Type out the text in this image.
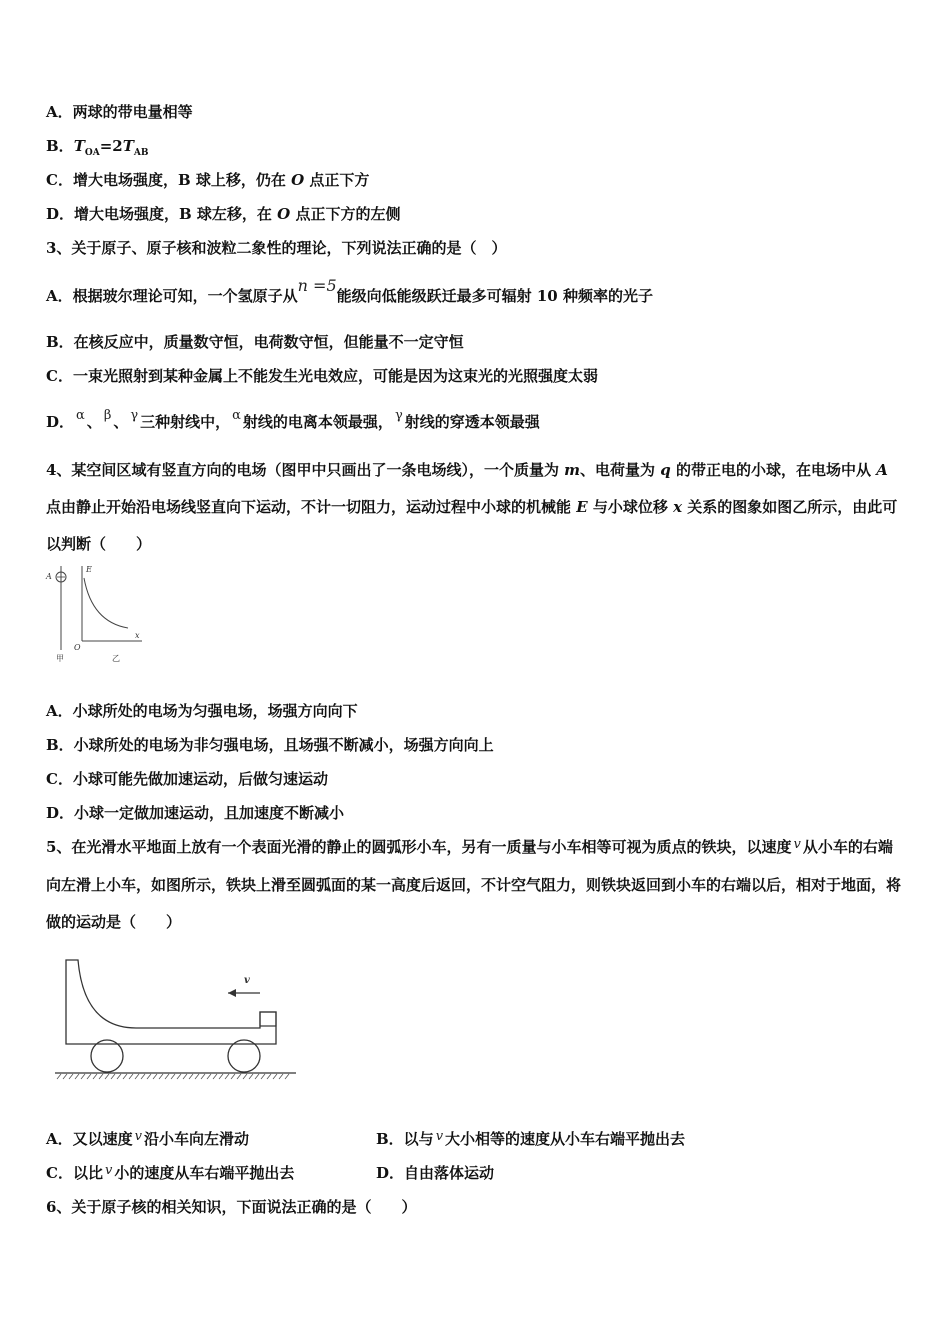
A．两球的带电量相等
B．$T_{OA}=2T_{AB}$
C．增大电场强度，B 球上移，仍在 O 点正下方
D．增大电场强度，B 球左移，在 O 点正下方的左侧
3、关于原子、原子核和波粒二象性的理论，下列说法正确的是（　）
A．根据玻尔理论可知，一个氢原子从n =5能级向低能级跃迁最多可辐射 10 种频率的光子
B．在核反应中，质量数守恒，电荷数守恒，但能量不一定守恒
C．一束光照射到某种金属上不能发生光电效应，可能是因为这束光的光照强度太弱
D． α 、 β 、 γ 三种射线中， α 射线的电离本领最强， γ 射线的穿透本领最强
4、某空间区域有竖直方向的电场（图甲中只画出了一条电场线），一个质量为 m、电荷量为 q 的带正电的小球，在电场中从 A 点由静止开始沿电场线竖直向下运动，不计一切阻力，运动过程中小球的机械能 E 与小球位移 x 关系的图象如图乙所示，由此可以判断（　　）
A
甲
E
O
x
乙
A．小球所处的电场为匀强电场，场强方向向下
B．小球所处的电场为非匀强电场，且场强不断减小，场强方向向上
C．小球可能先做加速运动，后做匀速运动
D．小球一定做加速运动，且加速度不断减小
5、在光滑水平地面上放有一个表面光滑的静止的圆弧形小车，另有一质量与小车相等可视为质点的铁块，以速度 v 从小车的右端向左滑上小车，如图所示，铁块上滑至圆弧面的某一高度后返回，不计空气阻力，则铁块返回到小车的右端以后，相对于地面，将做的运动是（　　）
v
A．又以速度 v 沿小车向左滑动	B．以与 v 大小相等的速度从小车右端平抛出去
C．以比 v 小的速度从车右端平抛出去	D．自由落体运动
6、关于原子核的相关知识，下面说法正确的是（　　）
